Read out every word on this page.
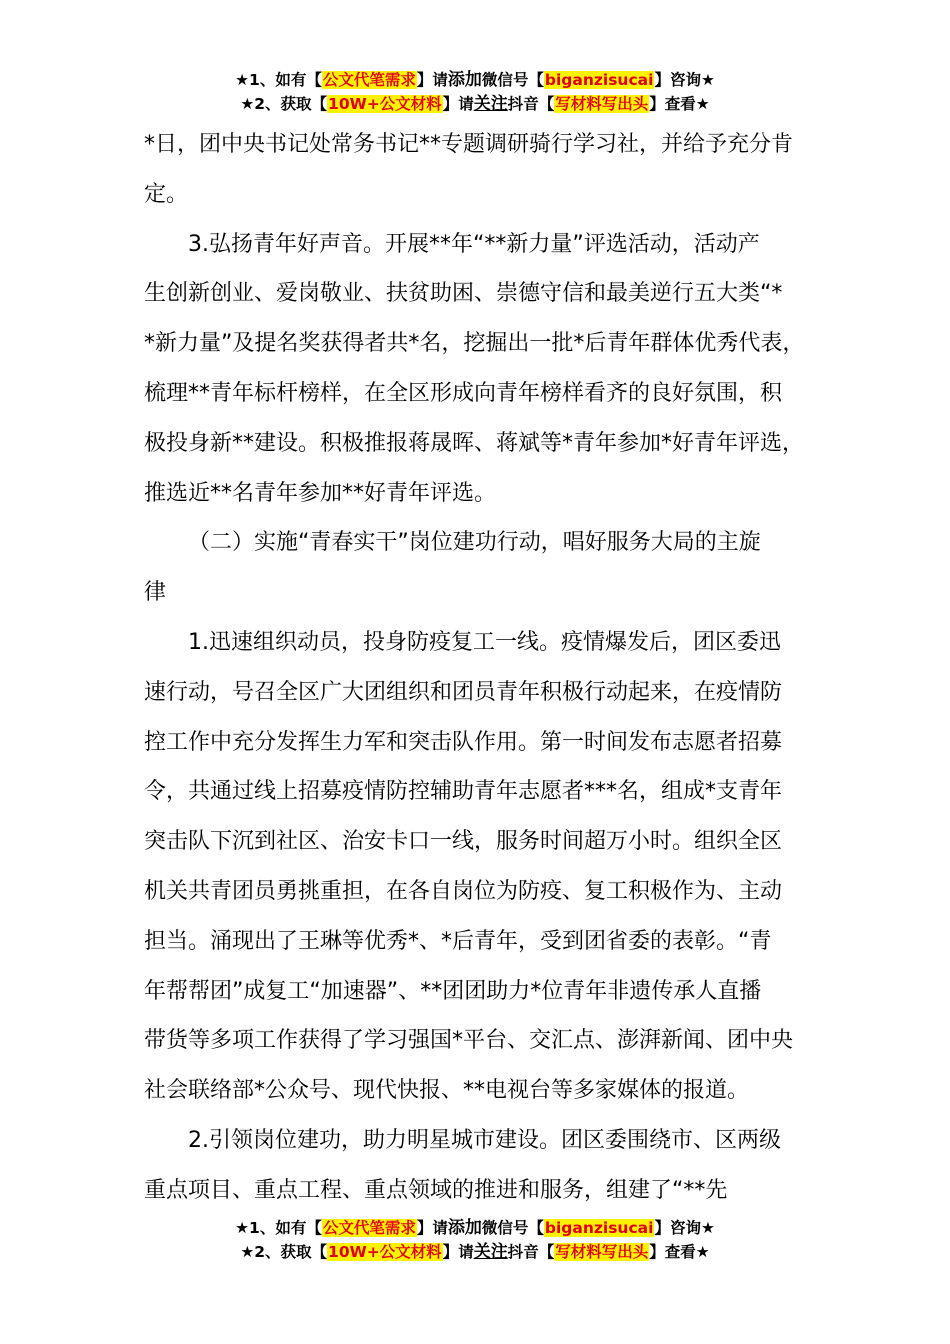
★1、如有【公文代笔需求】请添加微信号【biganzisucai】咨询★
★2、获取【10W+公文材料】请关注抖音【写材料写出头】查看★
*日，团中央书记处常务书记**专题调研骑行学习社，并给予充分肯
定。
3.弘扬青年好声音。开展**年“**新力量”评选活动，活动产
生创新创业、爱岗敬业、扶贫助困、崇德守信和最美逆行五大类“*
*新力量”及提名奖获得者共*名，挖掘出一批*后青年群体优秀代表，
梳理**青年标杆榜样，在全区形成向青年榜样看齐的良好氛围，积
极投身新**建设。积极推报蒋晟晖、蒋斌等*青年参加*好青年评选，
推选近**名青年参加**好青年评选。
（二）实施“青春实干”岗位建功行动，唱好服务大局的主旋
律
1.迅速组织动员，投身防疫复工一线。疫情爆发后，团区委迅
速行动，号召全区广大团组织和团员青年积极行动起来，在疫情防
控工作中充分发挥生力军和突击队作用。第一时间发布志愿者招募
令，共通过线上招募疫情防控辅助青年志愿者***名，组成*支青年
突击队下沉到社区、治安卡口一线，服务时间超万小时。组织全区
机关共青团员勇挑重担，在各自岗位为防疫、复工积极作为、主动
担当。涌现出了王琳等优秀*、*后青年，受到团省委的表彰。“青
年帮帮团”成复工“加速器”、**团团助力*位青年非遗传承人直播
带货等多项工作获得了学习强国*平台、交汇点、澎湃新闻、团中央
社会联络部*公众号、现代快报、**电视台等多家媒体的报道。
2.引领岗位建功，助力明星城市建设。团区委围绕市、区两级
重点项目、重点工程、重点领域的推进和服务，组建了“**先
★1、如有【公文代笔需求】请添加微信号【biganzisucai】咨询★
★2、获取【10W+公文材料】请关注抖音【写材料写出头】查看★
